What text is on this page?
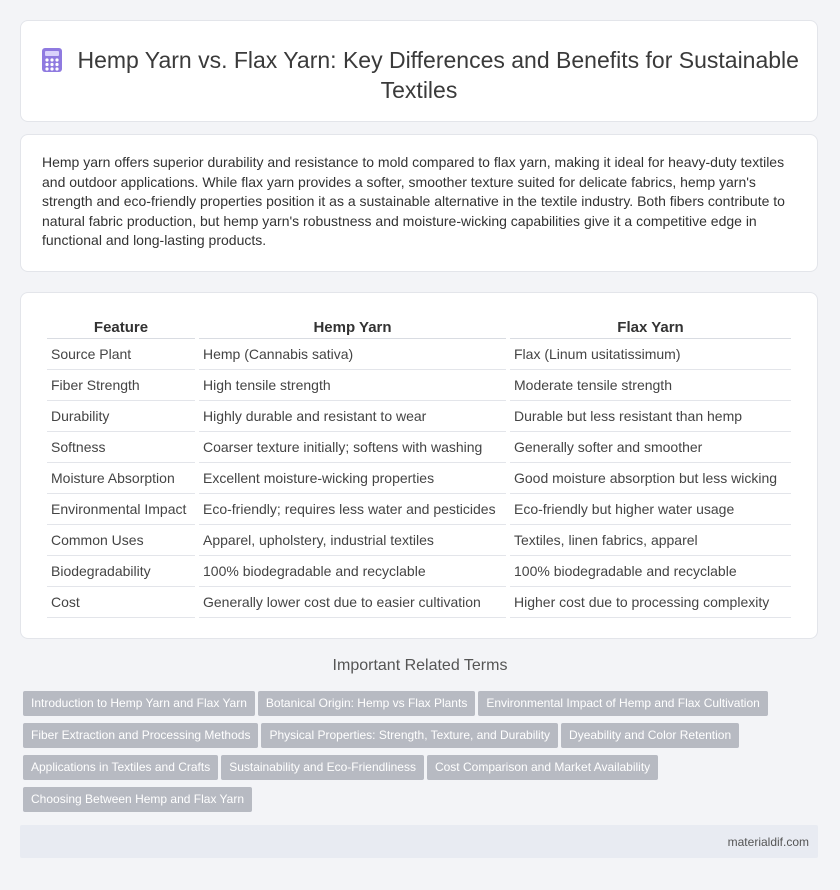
Hemp Yarn vs. Flax Yarn: Key Differences and Benefits for Sustainable Textiles

Hemp yarn offers superior durability and resistance to mold compared to flax yarn, making it ideal for heavy-duty textiles and outdoor applications. While flax yarn provides a softer, smoother texture suited for delicate fabrics, hemp yarn's strength and eco-friendly properties position it as a sustainable alternative in the textile industry. Both fibers contribute to natural fabric production, but hemp yarn's robustness and moisture-wicking capabilities give it a competitive edge in functional and long-lasting products.

Feature	Hemp Yarn	Flax Yarn
Source Plant	Hemp (Cannabis sativa)	Flax (Linum usitatissimum)
Fiber Strength	High tensile strength	Moderate tensile strength
Durability	Highly durable and resistant to wear	Durable but less resistant than hemp
Softness	Coarser texture initially; softens with washing	Generally softer and smoother
Moisture Absorption	Excellent moisture-wicking properties	Good moisture absorption but less wicking
Environmental Impact	Eco-friendly; requires less water and pesticides	Eco-friendly but higher water usage
Common Uses	Apparel, upholstery, industrial textiles	Textiles, linen fabrics, apparel
Biodegradability	100% biodegradable and recyclable	100% biodegradable and recyclable
Cost	Generally lower cost due to easier cultivation	Higher cost due to processing complexity
Important Related Terms
Introduction to Hemp Yarn and Flax Yarn Botanical Origin: Hemp vs Flax Plants Environmental Impact of Hemp and Flax Cultivation
Fiber Extraction and Processing Methods Physical Properties: Strength, Texture, and Durability Dyeability and Color Retention
Applications in Textiles and Crafts Sustainability and Eco-Friendliness Cost Comparison and Market Availability
Choosing Between Hemp and Flax Yarn
materialdif.com
